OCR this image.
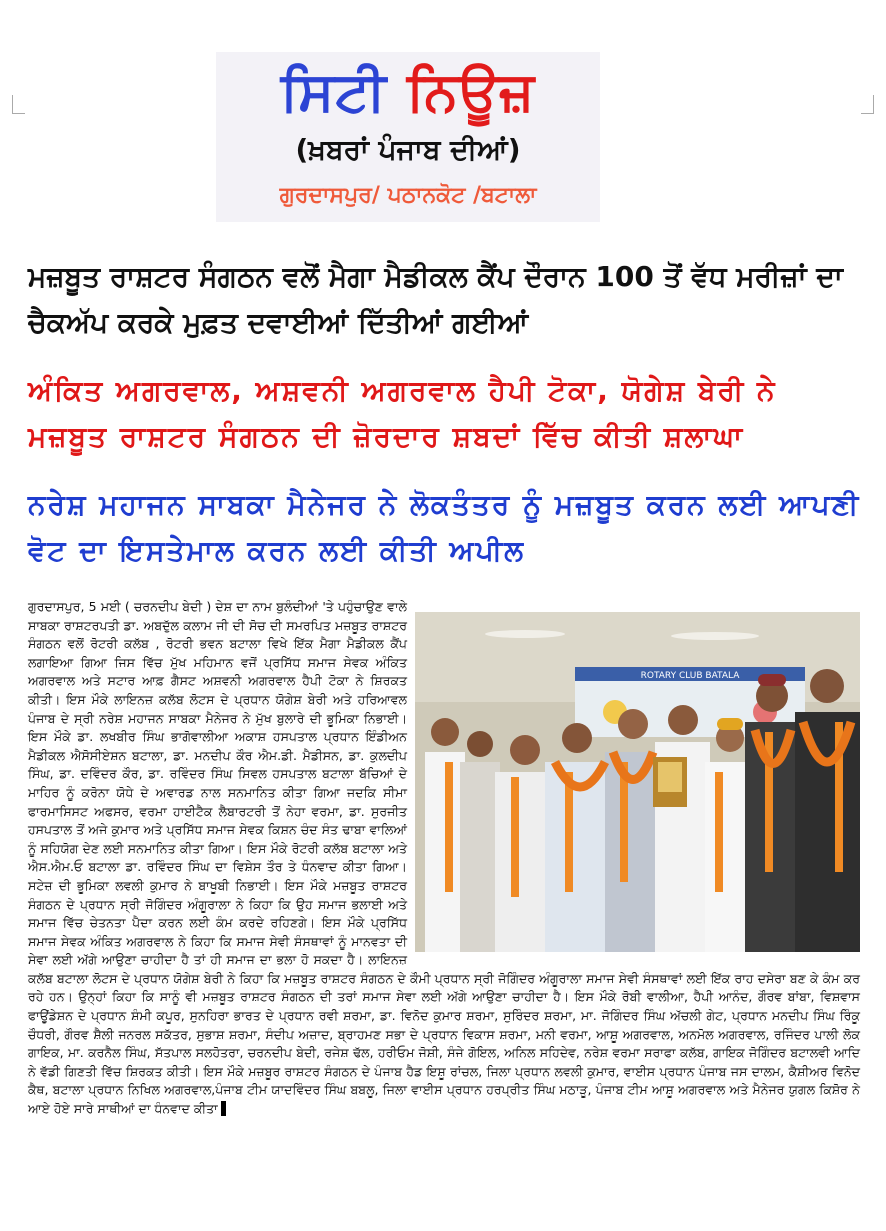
ਸਿਟੀ ਨਿਊਜ਼
(ਖ਼ਬਰਾਂ ਪੰਜਾਬ ਦੀਆਂ)
ਗੁਰਦਾਸਪੁਰ/ ਪਠਾਨਕੋਟ /ਬਟਾਲਾ
ਮਜ਼ਬੂਤ ਰਾਸ਼ਟਰ ਸੰਗਠਨ ਵਲੋਂ ਮੈਗਾ ਮੈਡੀਕਲ ਕੈਂਪ ਦੌਰਾਨ 100 ਤੋਂ ਵੱਧ ਮਰੀਜ਼ਾਂ ਦਾ ਚੈਕਅੱਪ ਕਰਕੇ ਮੁਫ਼ਤ ਦਵਾਈਆਂ ਦਿੱਤੀਆਂ ਗਈਆਂ
ਅੰਕਿਤ ਅਗਰਵਾਲ, ਅਸ਼ਵਨੀ ਅਗਰਵਾਲ ਹੈਪੀ ਟੋਕਾ, ਯੋਗੇਸ਼ ਬੇਰੀ ਨੇ ਮਜ਼ਬੂਤ ਰਾਸ਼ਟਰ ਸੰਗਠਨ ਦੀ ਜ਼ੋਰਦਾਰ ਸ਼ਬਦਾਂ ਵਿੱਚ ਕੀਤੀ ਸ਼ਲਾਘਾ
ਨਰੇਸ਼ ਮਹਾਜਨ ਸਾਬਕਾ ਮੈਨੇਜਰ ਨੇ ਲੋਕਤੰਤਰ ਨੂੰ ਮਜ਼ਬੂਤ ਕਰਨ ਲਈ ਆਪਣੀ ਵੋਟ ਦਾ ਇਸਤੇਮਾਲ ਕਰਨ ਲਈ ਕੀਤੀ ਅਪੀਲ
ROTARY CLUB BATALA
ਗੁਰਦਾਸਪੁਰ, 5 ਮਈ ( ਚਰਨਦੀਪ ਬੇਦੀ ) ਦੇਸ਼ ਦਾ ਨਾਮ ਬੁਲੰਦੀਆਂ 'ਤੇ ਪਹੁੰਚਾਉਣ ਵਾਲੇ ਸਾਬਕਾ ਰਾਸ਼ਟਰਪਤੀ ਡਾ. ਅਬਦੁੱਲ ਕਲਾਮ ਜੀ ਦੀ ਸੋਚ ਦੀ ਸਮਰਪਿਤ ਮਜ਼ਬੂਤ ਰਾਸ਼ਟਰ ਸੰਗਠਨ ਵਲੋਂ ਰੋਟਰੀ ਕਲੱਬ , ਰੋਟਰੀ ਭਵਨ ਬਟਾਲਾ ਵਿਖੇ ਇੱਕ ਮੈਗਾ ਮੈਡੀਕਲ ਕੈਂਪ ਲਗਾਇਆ ਗਿਆ ਜਿਸ ਵਿੱਚ ਮੁੱਖ ਮਹਿਮਾਨ ਵਜੋਂ ਪ੍ਰਸਿੱਧ ਸਮਾਜ ਸੇਵਕ ਅੰਕਿਤ ਅਗਰਵਾਲ ਅਤੇ ਸਟਾਰ ਆਫ਼ ਗੈਸਟ ਅਸ਼ਵਨੀ ਅਗਰਵਾਲ ਹੈਪੀ ਟੋਕਾ ਨੇ ਸ਼ਿਰਕਤ ਕੀਤੀ। ਇਸ ਮੌਕੇ ਲਾਇਨਜ਼ ਕਲੱਬ ਲੋਟਸ ਦੇ ਪ੍ਰਧਾਨ ਯੋਗੇਸ਼ ਬੇਰੀ ਅਤੇ ਹਰਿਆਵਲ ਪੰਜਾਬ ਦੇ ਸ੍ਰੀ ਨਰੇਸ਼ ਮਹਾਜਨ ਸਾਬਕਾ ਮੈਨੇਜਰ ਨੇ ਮੁੱਖ ਬੁਲਾਰੇ ਦੀ ਭੂਮਿਕਾ ਨਿਭਾਈ। ਇਸ ਮੌਕੇ ਡਾ. ਲਖਬੀਰ ਸਿੰਘ ਭਾਗੋਵਾਲੀਆ ਅਕਾਸ਼ ਹਸਪਤਾਲ ਪ੍ਰਧਾਨ ਇੰਡੀਅਨ ਮੈਡੀਕਲ ਐਸੋਸੀਏਸ਼ਨ ਬਟਾਲਾ, ਡਾ. ਮਨਦੀਪ ਕੌਰ ਐਮ.ਡੀ. ਮੈਡੀਸਨ, ਡਾ. ਕੁਲਦੀਪ ਸਿੰਘ, ਡਾ. ਦਵਿੰਦਰ ਕੌਰ, ਡਾ. ਰਵਿੰਦਰ ਸਿੰਘ ਸਿਵਲ ਹਸਪਤਾਲ ਬਟਾਲਾ ਬੱਚਿਆਂ ਦੇ ਮਾਹਿਰ ਨੂੰ ਕਰੋਨਾ ਯੋਧੇ ਦੇ ਅਵਾਰਡ ਨਾਲ ਸਨਮਾਨਿਤ ਕੀਤਾ ਗਿਆ ਜਦਕਿ ਸੀਮਾ ਫਾਰਮਾਸਿਸਟ ਅਫਸਰ, ਵਰਮਾ ਹਾਈਟੈਕ ਲੈਬਾਰਟਰੀ ਤੋਂ ਨੇਹਾ ਵਰਮਾ, ਡਾ. ਸੁਰਜੀਤ ਹਸਪਤਾਲ ਤੋਂ ਅਜੇ ਕੁਮਾਰ ਅਤੇ ਪ੍ਰਸਿੱਧ ਸਮਾਜ ਸੇਵਕ ਕਿਸ਼ਨ ਚੰਦ ਸੰਤ ਢਾਬਾ ਵਾਲਿਆਂ ਨੂੰ ਸਹਿਯੋਗ ਦੇਣ ਲਈ ਸਨਮਾਨਿਤ ਕੀਤਾ ਗਿਆ। ਇਸ ਮੌਕੇ ਰੋਟਰੀ ਕਲੱਬ ਬਟਾਲਾ ਅਤੇ ਐਸ.ਐਮ.ਓ ਬਟਾਲਾ ਡਾ. ਰਵਿੰਦਰ ਸਿੰਘ ਦਾ ਵਿਸ਼ੇਸ ਤੌਰ ਤੇ ਧੰਨਵਾਦ ਕੀਤਾ ਗਿਆ। ਸਟੇਜ਼ ਦੀ ਭੂਮਿਕਾ ਲਵਲੀ ਕੁਮਾਰ ਨੇ ਬਾਖੂਬੀ ਨਿਭਾਈ। ਇਸ ਮੌਕੇ ਮਜ਼ਬੂਤ ਰਾਸ਼ਟਰ ਸੰਗਠਨ ਦੇ ਪ੍ਰਧਾਨ ਸ੍ਰੀ ਜੋਗਿੰਦਰ ਅੰਗੂਰਾਲਾ ਨੇ ਕਿਹਾ ਕਿ ਉਹ ਸਮਾਜ ਭਲਾਈ ਅਤੇ ਸਮਾਜ ਵਿੱਚ ਚੇਤਨਤਾ ਪੈਦਾ ਕਰਨ ਲਈ ਕੰਮ ਕਰਦੇ ਰਹਿਣਗੇ। ਇਸ ਮੌਕੇ ਪ੍ਰਸਿੱਧ ਸਮਾਜ ਸੇਵਕ ਅੰਕਿਤ ਅਗਰਵਾਲ ਨੇ ਕਿਹਾ ਕਿ ਸਮਾਜ ਸੇਵੀ ਸੰਸਥਾਵਾਂ ਨੂੰ ਮਾਨਵਤਾ ਦੀ ਸੇਵਾ ਲਈ ਅੱਗੇ ਆਉਣਾ ਚਾਹੀਦਾ ਹੈ ਤਾਂ ਹੀ ਸਮਾਜ ਦਾ ਭਲਾ ਹੋ ਸਕਦਾ ਹੈ। ਲਾਇਨਜ਼ ਕਲੱਬ ਬਟਾਲਾ ਲੋਟਸ ਦੇ ਪ੍ਰਧਾਨ ਯੋਗੇਸ਼ ਬੇਰੀ ਨੇ ਕਿਹਾ ਕਿ ਮਜ਼ਬੂਤ ਰਾਸ਼ਟਰ ਸੰਗਠਨ ਦੇ ਕੌਮੀ ਪ੍ਰਧਾਨ ਸ੍ਰੀ ਜੋਗਿੰਦਰ ਅੰਗੂਰਾਲਾ ਸਮਾਜ ਸੇਵੀ ਸੰਸਥਾਵਾਂ ਲਈ ਇੱਕ ਰਾਹ ਦਸੇਰਾ ਬਣ ਕੇ ਕੰਮ ਕਰ ਰਹੇ ਹਨ। ਉਨ੍ਹਾਂ ਕਿਹਾ ਕਿ ਸਾਨੂੰ ਵੀ ਮਜ਼ਬੂਤ ਰਾਸ਼ਟਰ ਸੰਗਠਨ ਦੀ ਤਰਾਂ ਸਮਾਜ ਸੇਵਾ ਲਈ ਅੱਗੇ ਆਉਣਾ ਚਾਹੀਦਾ ਹੈ। ਇਸ ਮੌਕੇ ਰੋਬੀ ਵਾਲੀਆ, ਹੈਪੀ ਆਨੰਦ, ਗੌਰਵ ਬਾਂਬਾ, ਵਿਸ਼ਵਾਸ ਫਾਊਂਡੇਸ਼ਨ ਦੇ ਪ੍ਰਧਾਨ ਸ਼ੰਮੀ ਕਪੂਰ, ਸੁਨਹਿਰਾ ਭਾਰਤ ਦੇ ਪ੍ਰਧਾਨ ਰਵੀ ਸ਼ਰਮਾ, ਡਾ. ਵਿਨੋਦ ਕੁਮਾਰ ਸ਼ਰਮਾ, ਸੁਰਿੰਦਰ ਸ਼ਰਮਾ, ਮਾ. ਜੋਗਿੰਦਰ ਸਿੰਘ ਅੱਚਲੀ ਗੇਟ, ਪ੍ਰਧਾਨ ਮਨਦੀਪ ਸਿੰਘ ਰਿੰਕੂ ਚੌਧਰੀ, ਗੌਰਵ ਸ਼ੈਲੀ ਜਨਰਲ ਸਕੱਤਰ, ਸੁਭਾਸ਼ ਸ਼ਰਮਾ, ਸੰਦੀਪ ਅਜ਼ਾਦ, ਬ੍ਰਾਹਮਣ ਸਭਾ ਦੇ ਪ੍ਰਧਾਨ ਵਿਕਾਸ ਸ਼ਰਮਾ, ਮਨੀ ਵਰਮਾ, ਆਸ਼ੂ ਅਗਰਵਾਲ, ਅਨਮੋਲ ਅਗਰਵਾਲ, ਰਜਿੰਦਰ ਪਾਲੀ ਲੋਕ ਗਾਇਕ, ਮਾ. ਕਰਨੈਲ ਸਿੰਘ, ਸੱਤਪਾਲ ਸਲਹੋਤਰਾ, ਚਰਨਦੀਪ ਬੇਦੀ, ਰਜੇਸ਼ ਢੱਲ, ਹਰੀਓਮ ਜੋਸ਼ੀ, ਸੰਜੇ ਗੋਇਲ, ਅਨਿਲ ਸਹਿਦੇਵ, ਨਰੇਸ਼ ਵਰਮਾ ਸਰਾਫਾ ਕਲੱਬ, ਗਾਇਕ ਜੋਗਿੰਦਰ ਬਟਾਲਵੀ ਆਦਿ ਨੇ ਵੱਡੀ ਗਿਣਤੀ ਵਿੱਚ ਸ਼ਿਰਕਤ ਕੀਤੀ। ਇਸ ਮੌਕੇ ਮਜ਼ਬੂਰ ਰਾਸ਼ਟਰ ਸੰਗਠਨ ਦੇ ਪੰਜਾਬ ਹੈਡ ਇਸ਼ੂ ਰਾਂਚਲ, ਜਿਲਾ ਪ੍ਰਧਾਨ ਲਵਲੀ ਕੁਮਾਰ, ਵਾਈਸ ਪ੍ਰਧਾਨ ਪੰਜਾਬ ਜਸ ਦਾਲਮ, ਕੈਸ਼ੀਅਰ ਵਿਨੋਦ ਕੈਥ, ਬਟਾਲਾ ਪ੍ਰਧਾਨ ਨਿਖਿਲ ਅਗਰਵਾਲ,ਪੰਜਾਬ ਟੀਮ ਯਾਦਵਿੰਦਰ ਸਿੰਘ ਬਬਲੂ, ਜਿਲਾ ਵਾਈਸ ਪ੍ਰਧਾਨ ਹਰਪ੍ਰੀਤ ਸਿੰਘ ਮਠਾੜੂ, ਪੰਜਾਬ ਟੀਮ ਆਸ਼ੂ ਅਗਰਵਾਲ ਅਤੇ ਮੈਨੇਜਰ ਯੁਗਲ ਕਿਸ਼ੋਰ ਨੇ ਆਏ ਹੋਏ ਸਾਰੇ ਸਾਥੀਆਂ ਦਾ ਧੰਨਵਾਦ ਕੀਤਾ
